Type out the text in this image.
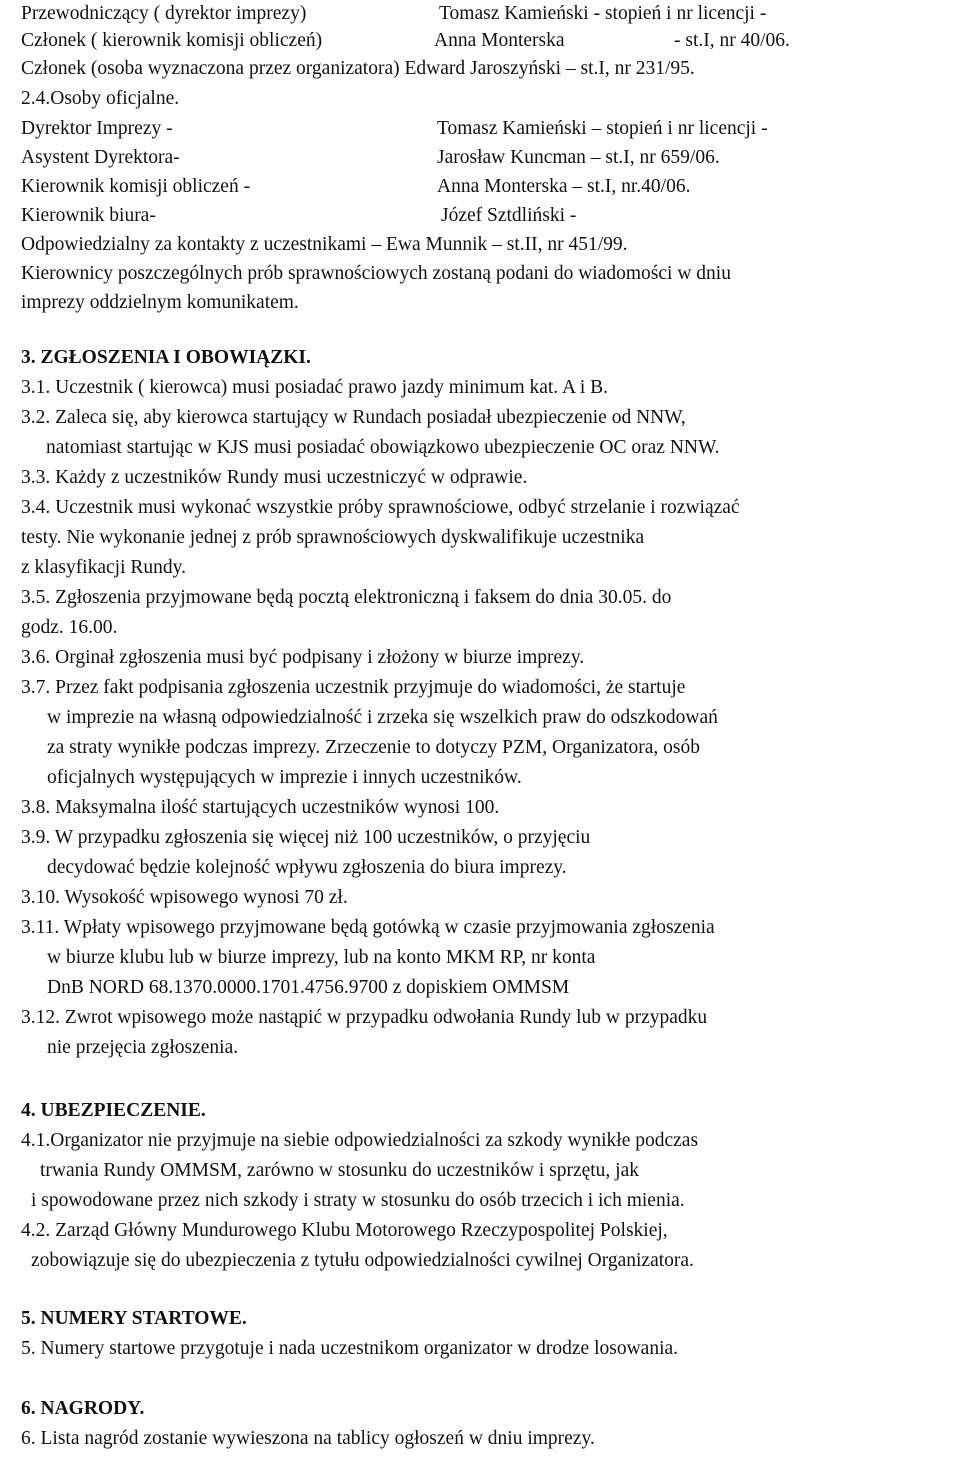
Przewodniczący ( dyrektor imprezy)	Tomasz Kamieński - stopień i nr licencji -
Członek ( kierownik komisji obliczeń)	Anna Monterska	- st.I, nr 40/06.
Członek (osoba wyznaczona przez organizatora) Edward Jaroszyński – st.I, nr 231/95.
2.4.Osoby oficjalne.
Dyrektor Imprezy -	Tomasz Kamieński – stopień i nr licencji -
Asystent Dyrektora-	Jarosław Kuncman – st.I, nr 659/06.
Kierownik komisji obliczeń -	Anna Monterska – st.I, nr.40/06.
Kierownik biura-	Józef Sztdliński -
Odpowiedzialny za kontakty z uczestnikami – Ewa Munnik – st.II, nr 451/99.
Kierownicy poszczególnych prób sprawnościowych zostaną podani do wiadomości w dniu
imprezy oddzielnym komunikatem.
3. ZGŁOSZENIA I OBOWIĄZKI.
3.1. Uczestnik ( kierowca) musi posiadać prawo jazdy minimum kat. A i B.
3.2. Zaleca się, aby kierowca startujący w Rundach posiadał ubezpieczenie od NNW,
natomiast startując w KJS musi posiadać obowiązkowo ubezpieczenie OC oraz NNW.
3.3. Każdy z uczestników Rundy musi uczestniczyć w odprawie.
3.4. Uczestnik musi wykonać wszystkie próby sprawnościowe, odbyć strzelanie i rozwiązać
testy. Nie wykonanie jednej z prób sprawnościowych dyskwalifikuje uczestnika
z klasyfikacji Rundy.
3.5. Zgłoszenia przyjmowane będą pocztą elektroniczną i faksem do dnia 30.05. do
godz. 16.00.
3.6. Orginał zgłoszenia musi być podpisany i złożony w biurze imprezy.
3.7. Przez fakt podpisania zgłoszenia uczestnik przyjmuje do wiadomości, że startuje
w imprezie na własną odpowiedzialność i zrzeka się wszelkich praw do odszkodowań
za straty wynikłe podczas imprezy. Zrzeczenie to dotyczy PZM, Organizatora, osób
oficjalnych występujących w imprezie i innych uczestników.
3.8. Maksymalna ilość startujących uczestników wynosi 100.
3.9. W przypadku zgłoszenia się więcej niż 100 uczestników, o przyjęciu
decydować będzie kolejność wpływu zgłoszenia do biura imprezy.
3.10. Wysokość wpisowego wynosi 70 zł.
3.11. Wpłaty wpisowego przyjmowane będą gotówką w czasie przyjmowania zgłoszenia
w biurze klubu lub w biurze imprezy, lub na konto MKM RP, nr konta
DnB NORD 68.1370.0000.1701.4756.9700 z dopiskiem OMMSM
3.12. Zwrot wpisowego może nastąpić w przypadku odwołania Rundy lub w przypadku
nie przejęcia zgłoszenia.
4. UBEZPIECZENIE.
4.1.Organizator nie przyjmuje na siebie odpowiedzialności za szkody wynikłe podczas
trwania Rundy OMMSM, zarówno w stosunku do uczestników i sprzętu, jak
i spowodowane przez nich szkody i straty w stosunku do osób trzecich i ich mienia.
4.2. Zarząd Główny Mundurowego Klubu Motorowego Rzeczypospolitej Polskiej,
zobowiązuje się do ubezpieczenia z tytułu odpowiedzialności cywilnej Organizatora.
5. NUMERY STARTOWE.
5. Numery startowe przygotuje i nada uczestnikom organizator w drodze losowania.
6. NAGRODY.
6. Lista nagród zostanie wywieszona na tablicy ogłoszeń w dniu imprezy.
